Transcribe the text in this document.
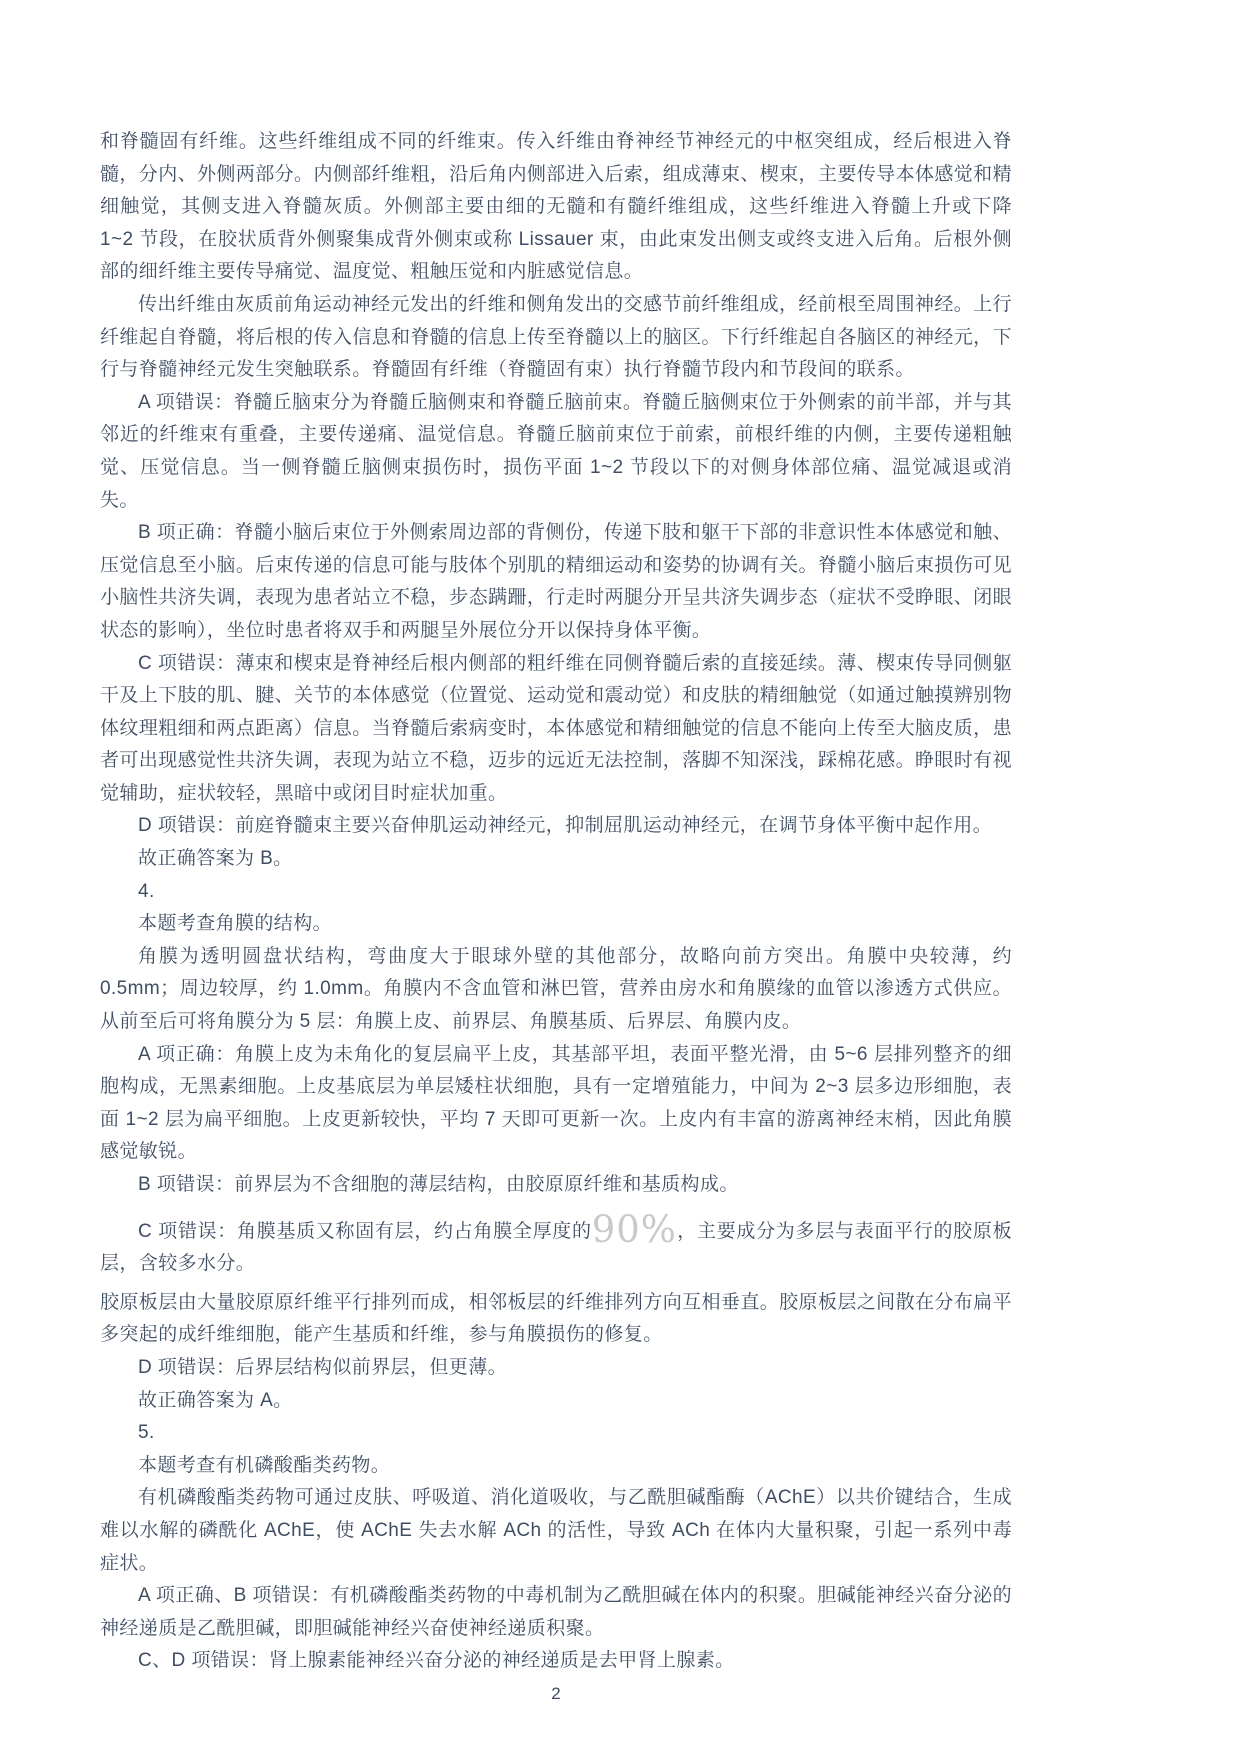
和脊髓固有纤维。这些纤维组成不同的纤维束。传入纤维由脊神经节神经元的中枢突组成，经后根进入脊髓，分内、外侧两部分。内侧部纤维粗，沿后角内侧部进入后索，组成薄束、楔束，主要传导本体感觉和精细触觉，其侧支进入脊髓灰质。外侧部主要由细的无髓和有髓纤维组成，这些纤维进入脊髓上升或下降 1~2 节段，在胶状质背外侧聚集成背外侧束或称 Lissauer 束，由此束发出侧支或终支进入后角。后根外侧部的细纤维主要传导痛觉、温度觉、粗触压觉和内脏感觉信息。

传出纤维由灰质前角运动神经元发出的纤维和侧角发出的交感节前纤维组成，经前根至周围神经。上行纤维起自脊髓，将后根的传入信息和脊髓的信息上传至脊髓以上的脑区。下行纤维起自各脑区的神经元，下行与脊髓神经元发生突触联系。脊髓固有纤维（脊髓固有束）执行脊髓节段内和节段间的联系。

A 项错误：脊髓丘脑束分为脊髓丘脑侧束和脊髓丘脑前束。脊髓丘脑侧束位于外侧索的前半部，并与其邻近的纤维束有重叠，主要传递痛、温觉信息。脊髓丘脑前束位于前索，前根纤维的内侧，主要传递粗触觉、压觉信息。当一侧脊髓丘脑侧束损伤时，损伤平面 1~2 节段以下的对侧身体部位痛、温觉减退或消失。

B 项正确：脊髓小脑后束位于外侧索周边部的背侧份，传递下肢和躯干下部的非意识性本体感觉和触、压觉信息至小脑。后束传递的信息可能与肢体个别肌的精细运动和姿势的协调有关。脊髓小脑后束损伤可见小脑性共济失调，表现为患者站立不稳，步态蹒跚，行走时两腿分开呈共济失调步态（症状不受睁眼、闭眼状态的影响），坐位时患者将双手和两腿呈外展位分开以保持身体平衡。

C 项错误：薄束和楔束是脊神经后根内侧部的粗纤维在同侧脊髓后索的直接延续。薄、楔束传导同侧躯干及上下肢的肌、腱、关节的本体感觉（位置觉、运动觉和震动觉）和皮肤的精细触觉（如通过触摸辨别物体纹理粗细和两点距离）信息。当脊髓后索病变时，本体感觉和精细触觉的信息不能向上传至大脑皮质，患者可出现感觉性共济失调，表现为站立不稳，迈步的远近无法控制，落脚不知深浅，踩棉花感。睁眼时有视觉辅助，症状较轻，黑暗中或闭目时症状加重。

D 项错误：前庭脊髓束主要兴奋伸肌运动神经元，抑制屈肌运动神经元，在调节身体平衡中起作用。

故正确答案为 B。

4.

本题考查角膜的结构。

角膜为透明圆盘状结构，弯曲度大于眼球外壁的其他部分，故略向前方突出。角膜中央较薄，约 0.5mm；周边较厚，约 1.0mm。角膜内不含血管和淋巴管，营养由房水和角膜缘的血管以渗透方式供应。从前至后可将角膜分为 5 层：角膜上皮、前界层、角膜基质、后界层、角膜内皮。

A 项正确：角膜上皮为未角化的复层扁平上皮，其基部平坦，表面平整光滑，由 5~6 层排列整齐的细胞构成，无黑素细胞。上皮基底层为单层矮柱状细胞，具有一定增殖能力，中间为 2~3 层多边形细胞，表面 1~2 层为扁平细胞。上皮更新较快，平均 7 天即可更新一次。上皮内有丰富的游离神经末梢，因此角膜感觉敏锐。

B 项错误：前界层为不含细胞的薄层结构，由胶原原纤维和基质构成。

C 项错误：角膜基质又称固有层，约占角膜全厚度的90%，主要成分为多层与表面平行的胶原板层，含较多水分。

胶原板层由大量胶原原纤维平行排列而成，相邻板层的纤维排列方向互相垂直。胶原板层之间散在分布扁平多突起的成纤维细胞，能产生基质和纤维，参与角膜损伤的修复。

D 项错误：后界层结构似前界层，但更薄。

故正确答案为 A。

5.

本题考查有机磷酸酯类药物。

有机磷酸酯类药物可通过皮肤、呼吸道、消化道吸收，与乙酰胆碱酯酶（AChE）以共价键结合，生成难以水解的磷酰化 AChE，使 AChE 失去水解 ACh 的活性，导致 ACh 在体内大量积聚，引起一系列中毒症状。

A 项正确、B 项错误：有机磷酸酯类药物的中毒机制为乙酰胆碱在体内的积聚。胆碱能神经兴奋分泌的神经递质是乙酰胆碱，即胆碱能神经兴奋使神经递质积聚。

C、D 项错误：肾上腺素能神经兴奋分泌的神经递质是去甲肾上腺素。

2
